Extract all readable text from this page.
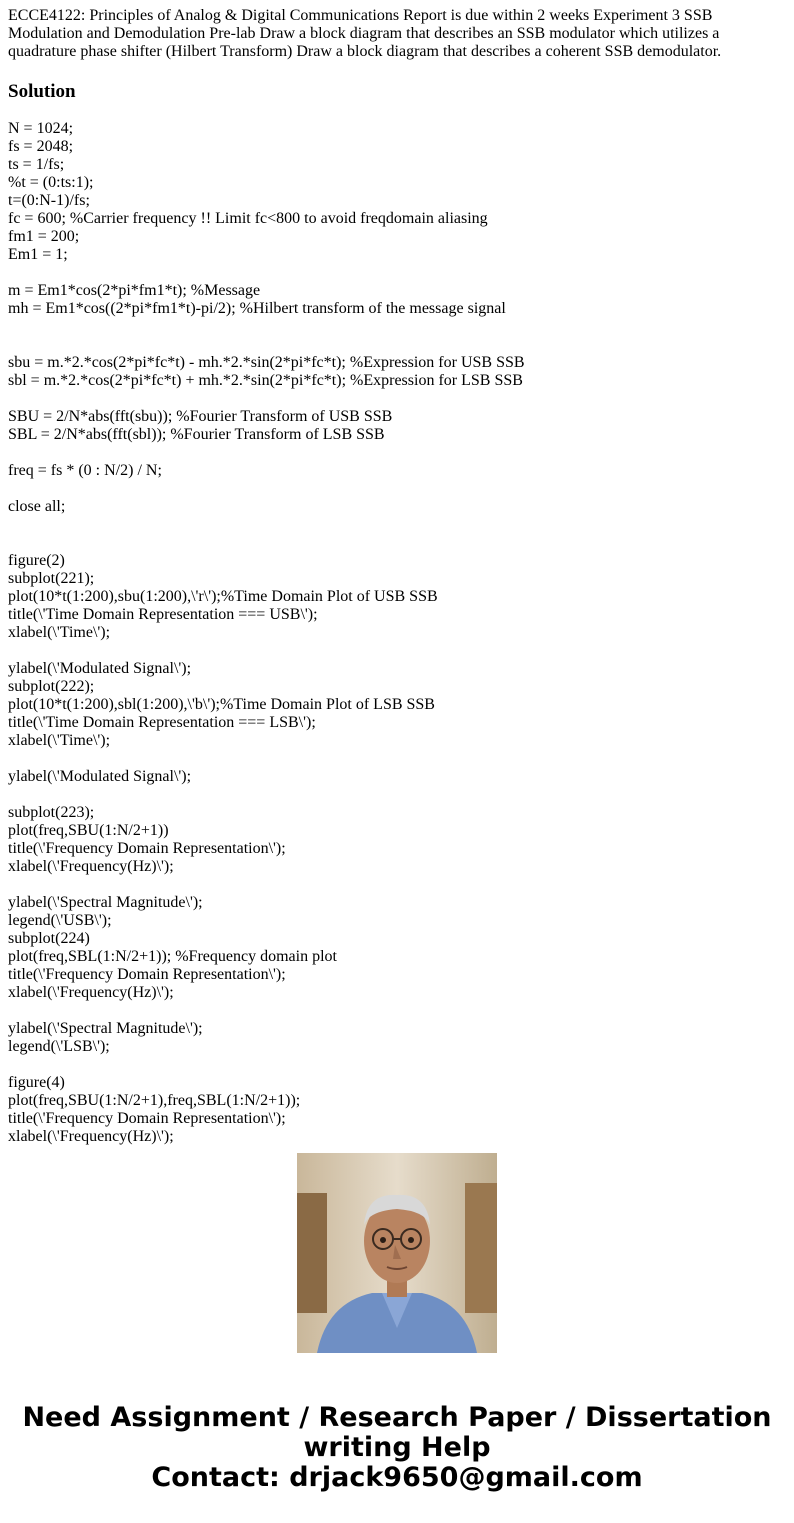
ECCE4122: Principles of Analog & Digital Communications Report is due within 2 weeks Experiment 3 SSB Modulation and Demodulation Pre-lab Draw a block diagram that describes an SSB modulator which utilizes a quadrature phase shifter (Hilbert Transform) Draw a block diagram that describes a coherent SSB demodulator.

Solution
N = 1024;
fs = 2048;
ts = 1/fs;
%t = (0:ts:1);
t=(0:N-1)/fs;
fc = 600; %Carrier frequency !! Limit fc<800 to avoid freqdomain aliasing
fm1 = 200;
Em1 = 1;
m = Em1*cos(2*pi*fm1*t); %Message
mh = Em1*cos((2*pi*fm1*t)-pi/2); %Hilbert transform of the message signal
sbu = m.*2.*cos(2*pi*fc*t) - mh.*2.*sin(2*pi*fc*t); %Expression for USB SSB
sbl = m.*2.*cos(2*pi*fc*t) + mh.*2.*sin(2*pi*fc*t); %Expression for LSB SSB
SBU = 2/N*abs(fft(sbu)); %Fourier Transform of USB SSB
SBL = 2/N*abs(fft(sbl)); %Fourier Transform of LSB SSB
freq = fs * (0 : N/2) / N;
close all;
figure(2)
subplot(221);
plot(10*t(1:200),sbu(1:200),\'r\');%Time Domain Plot of USB SSB
title(\'Time Domain Representation === USB\');
xlabel(\'Time\');
ylabel(\'Modulated Signal\');
subplot(222);
plot(10*t(1:200),sbl(1:200),\'b\');%Time Domain Plot of LSB SSB
title(\'Time Domain Representation === LSB\');
xlabel(\'Time\');
ylabel(\'Modulated Signal\');
subplot(223);
plot(freq,SBU(1:N/2+1))
title(\'Frequency Domain Representation\');
xlabel(\'Frequency(Hz)\');
ylabel(\'Spectral Magnitude\');
legend(\'USB\');
subplot(224)
plot(freq,SBL(1:N/2+1)); %Frequency domain plot
title(\'Frequency Domain Representation\');
xlabel(\'Frequency(Hz)\');
ylabel(\'Spectral Magnitude\');
legend(\'LSB\');
figure(4)
plot(freq,SBU(1:N/2+1),freq,SBL(1:N/2+1));
title(\'Frequency Domain Representation\');
xlabel(\'Frequency(Hz)\');
Need Assignment / Research Paper / Dissertation
writing Help
Contact: drjack9650@gmail.com
